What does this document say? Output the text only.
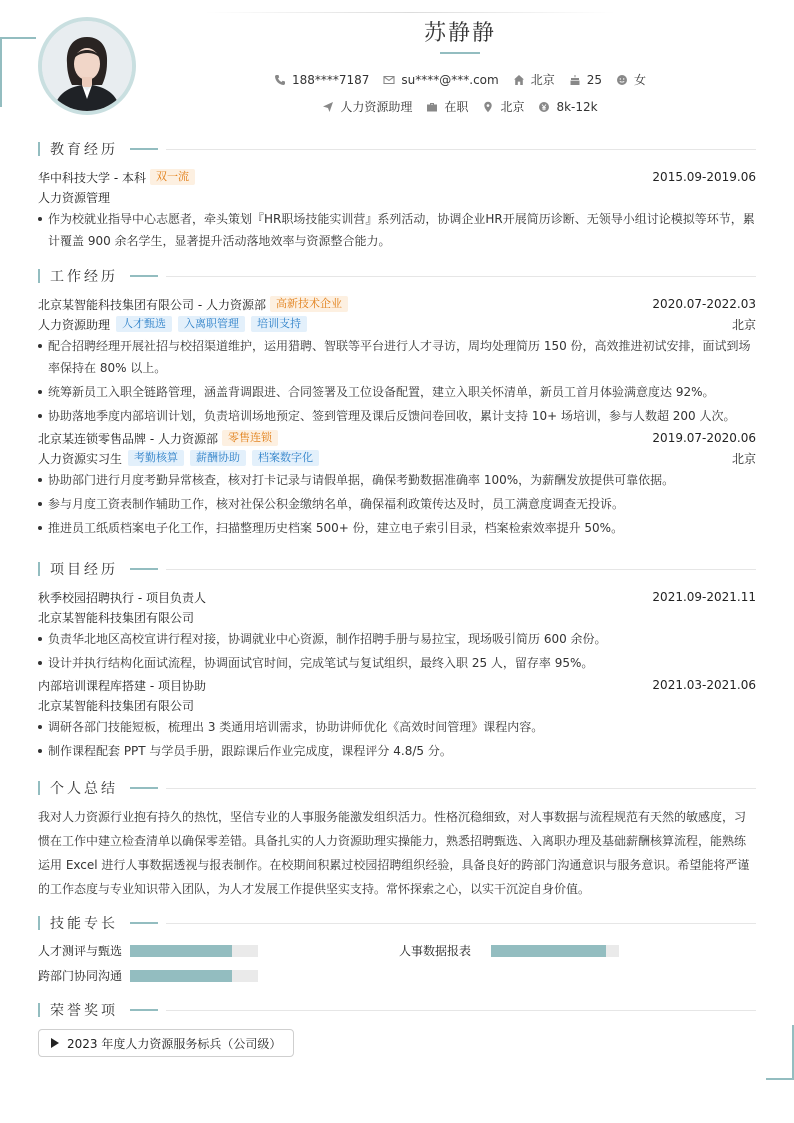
苏静静
188****7187	su****@***.com	北京	25	女
人力资源助理	在职	北京	8k-12k
教育经历
华中科技大学 - 本科 双一流	2015.09-2019.06
人力资源管理
作为校就业指导中心志愿者，牵头策划『HR职场技能实训营』系列活动，协调企业HR开展简历诊断、无领导小组讨论模拟等环节，累计覆盖 900 余名学生，显著提升活动落地效率与资源整合能力。
工作经历
北京某智能科技集团有限公司 - 人力资源部 高新技术企业	2020.07-2022.03
人力资源助理	人才甄选	入离职管理	培训支持	北京
配合招聘经理开展社招与校招渠道维护，运用猎聘、智联等平台进行人才寻访，周均处理简历 150 份，高效推进初试安排，面试到场率保持在 80% 以上。
统筹新员工入职全链路管理，涵盖背调跟进、合同签署及工位设备配置，建立入职关怀清单，新员工首月体验满意度达 92%。
协助落地季度内部培训计划，负责培训场地预定、签到管理及课后反馈问卷回收，累计支持 10+ 场培训，参与人数超 200 人次。
北京某连锁零售品牌 - 人力资源部 零售连锁	2019.07-2020.06
人力资源实习生	考勤核算	薪酬协助	档案数字化	北京
协助部门进行月度考勤异常核查，核对打卡记录与请假单据，确保考勤数据准确率 100%，为薪酬发放提供可靠依据。
参与月度工资表制作辅助工作，核对社保公积金缴纳名单，确保福利政策传达及时，员工满意度调查无投诉。
推进员工纸质档案电子化工作，扫描整理历史档案 500+ 份，建立电子索引目录，档案检索效率提升 50%。
项目经历
秋季校园招聘执行 - 项目负责人	2021.09-2021.11
北京某智能科技集团有限公司
负责华北地区高校宣讲行程对接，协调就业中心资源，制作招聘手册与易拉宝，现场吸引简历 600 余份。
设计并执行结构化面试流程，协调面试官时间，完成笔试与复试组织，最终入职 25 人，留存率 95%。
内部培训课程库搭建 - 项目协助	2021.03-2021.06
北京某智能科技集团有限公司
调研各部门技能短板，梳理出 3 类通用培训需求，协助讲师优化《高效时间管理》课程内容。
制作课程配套 PPT 与学员手册，跟踪课后作业完成度，课程评分 4.8/5 分。
个人总结
我对人力资源行业抱有持久的热忱，坚信专业的人事服务能激发组织活力。性格沉稳细致，对人事数据与流程规范有天然的敏感度，习惯在工作中建立检查清单以确保零差错。具备扎实的人力资源助理实操能力，熟悉招聘甄选、入离职办理及基础薪酬核算流程，能熟练运用 Excel 进行人事数据透视与报表制作。在校期间积累过校园招聘组织经验，具备良好的跨部门沟通意识与服务意识。希望能将严谨的工作态度与专业知识带入团队，为人才发展工作提供坚实支持。常怀探索之心，以实干沉淀自身价值。
技能专长
人才测评与甄选	人事数据报表
跨部门协同沟通
荣誉奖项
2023 年度人力资源服务标兵（公司级）
